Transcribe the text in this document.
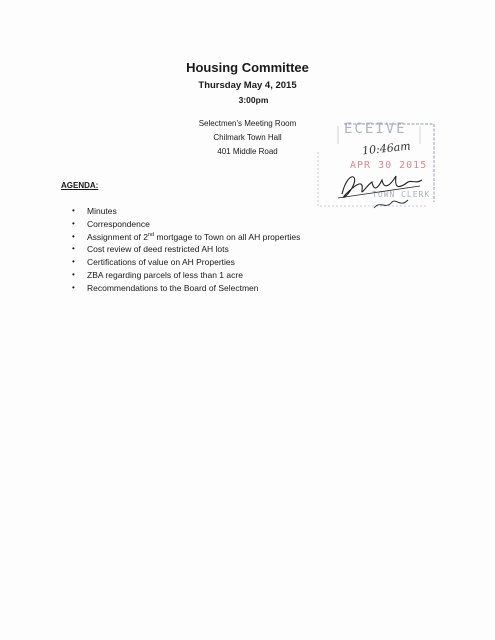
Housing Committee
Thursday May 4, 2015
3:00pm
Selectmen's Meeting Room
Chilmark Town Hall
401 Middle Road
ECEIVE
10:46am
APR 30 2015
TOWN CLERK
AGENDA:
• Minutes
• Correspondence
• Assignment of 2nd mortgage to Town on all AH properties
• Cost review of deed restricted AH lots
• Certifications of value on AH Properties
• ZBA regarding parcels of less than 1 acre
• Recommendations to the Board of Selectmen
